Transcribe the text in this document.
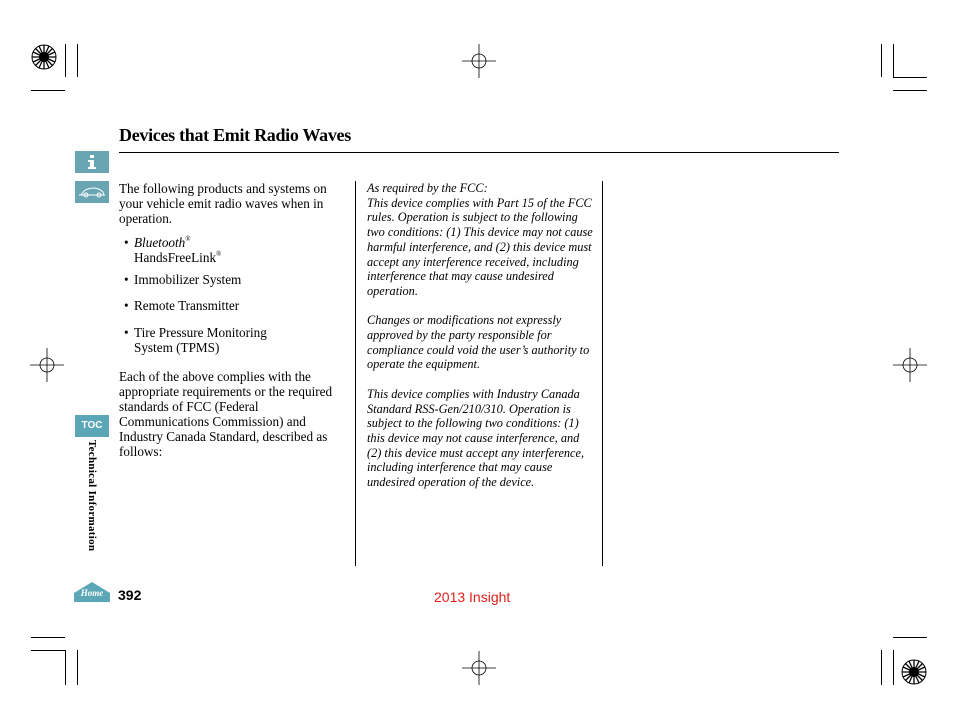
Devices that Emit Radio Waves
TOC
Home
Technical Information

The following products and systems on your vehicle emit radio waves when in operation.

• Bluetooth®
HandsFreeLink®
• Immobilizer System
• Remote Transmitter
• Tire Pressure Monitoring
System (TPMS)

Each of the above complies with the appropriate requirements or the required standards of FCC (Federal Communications Commission) and Industry Canada Standard, described as follows:

As required by the FCC:

This device complies with Part 15 of the FCC rules. Operation is subject to the following two conditions: (1) This device may not cause harmful interference, and (2) this device must accept any interference received, including interference that may cause undesired operation.

Changes or modifications not expressly approved by the party responsible for compliance could void the user’s authority to operate the equipment.

This device complies with Industry Canada Standard RSS-Gen/210/310. Operation is subject to the following two conditions: (1) this device may not cause interference, and (2) this device must accept any interference, including interference that may cause undesired operation of the device.

392	2013 Insight
